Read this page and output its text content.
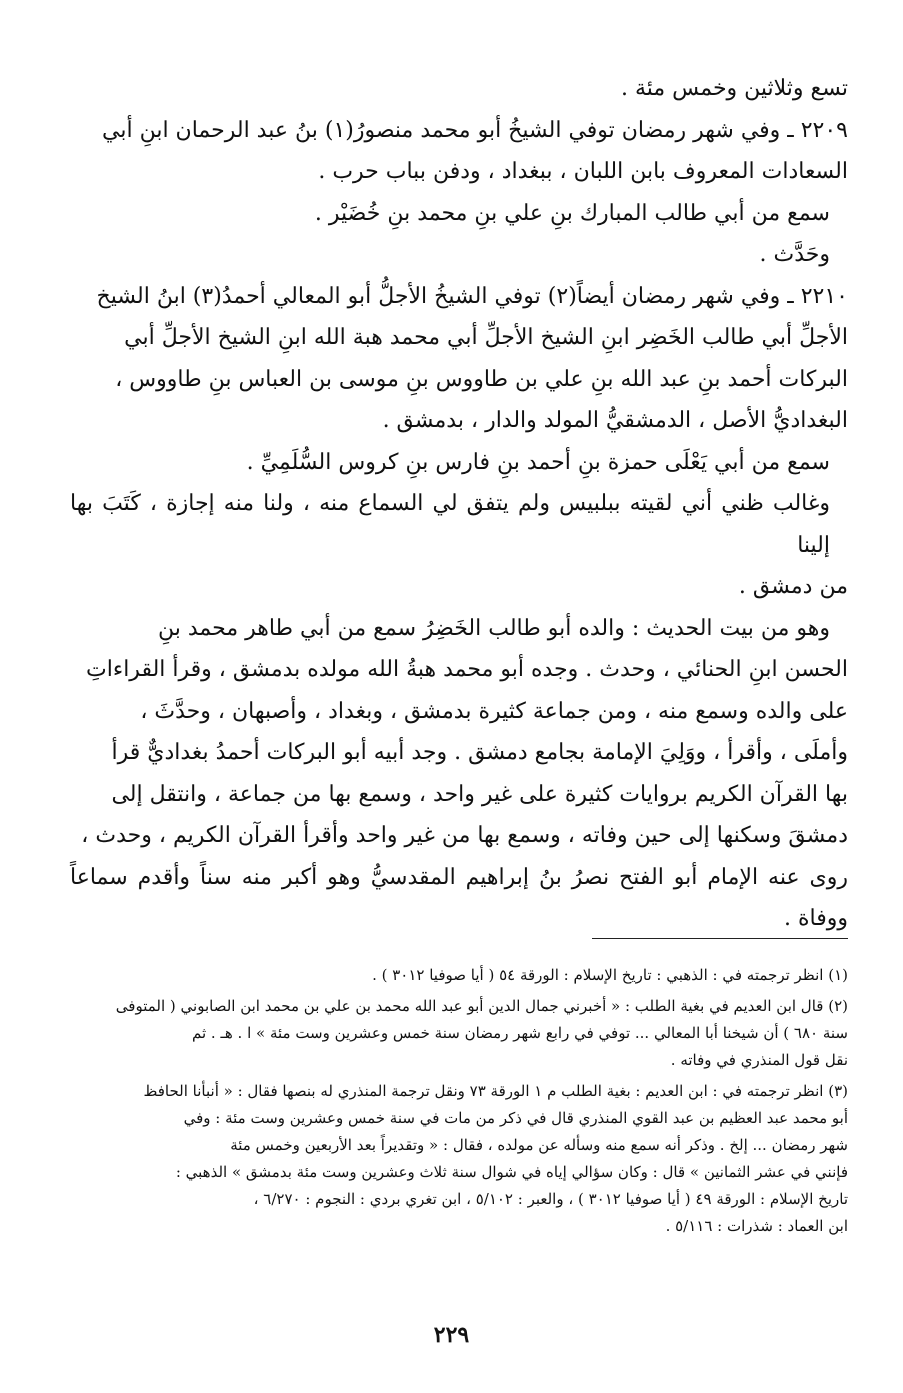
تسع وثلاثين وخمس مئة .

٢٢٠٩ ـ وفي شهر رمضان توفي الشيخُ أبو محمد منصورُ(١) بنُ عبد الرحمان ابنِ أبي

السعادات المعروف بابن اللبان ، ببغداد ، ودفن بباب حرب .

سمع من أبي طالب المبارك بنِ علي بنِ محمد بنِ خُضَيْر .

وحَدَّث .

٢٢١٠ ـ وفي شهر رمضان أيضاً(٢) توفي الشيخُ الأجلُّ أبو المعالي أحمدُ(٣) ابنُ الشيخ

الأجلِّ أبي طالب الخَضِر ابنِ الشيخ الأجلِّ أبي محمد هبة الله ابنِ الشيخ الأجلِّ أبي

البركات أحمد بنِ عبد الله بنِ علي بن طاووس بنِ موسى بن العباس بنِ طاووس ،

البغداديُّ الأصل ، الدمشقيُّ المولد والدار ، بدمشق .

سمع من أبي يَعْلَى حمزة بنِ أحمد بنِ فارس بنِ كروس السُّلَمِيِّ .

وغالب ظني أني لقيته ببلبيس ولم يتفق لي السماع منه ، ولنا منه إجازة ، كَتَبَ بها إلينا

من دمشق .

وهو من بيت الحديث : والده أبو طالب الخَضِرُ سمع من أبي طاهر محمد بنِ

الحسن ابنِ الحنائي ، وحدث . وجده أبو محمد هبةُ الله مولده بدمشق ، وقرأ القراءاتِ

على والده وسمع منه ، ومن جماعة كثيرة بدمشق ، وبغداد ، وأصبهان ، وحدَّثَ ،

وأملَى ، وأقرأ ، ووَلِيَ الإمامة بجامع دمشق . وجد أبيه أبو البركات أحمدُ بغداديٌّ قرأ

بها القرآن الكريم بروايات كثيرة على غير واحد ، وسمع بها من جماعة ، وانتقل إلى

دمشقَ وسكنها إلى حين وفاته ، وسمع بها من غير واحد وأقرأ القرآن الكريم ، وحدث ،

روى عنه الإمام أبو الفتح نصرُ بنُ إبراهيم المقدسيُّ وهو أكبر منه سناً وأقدم سماعاً ووفاة .

(١) انظر ترجمته في : الذهبي : تاريخ الإسلام : الورقة ٥٤ ( أيا صوفيا ٣٠١٢ ) .

(٢) قال ابن العديم في بغية الطلب : « أخبرني جمال الدين أبو عبد الله محمد بن علي بن محمد ابن الصابوني ( المتوفى

سنة ٦٨٠ ) أن شيخنا أبا المعالي ... توفي في رابع شهر رمضان سنة خمس وعشرين وست مئة » ا . هـ . ثم

نقل قول المنذري في وفاته .

(٣) انظر ترجمته في : ابن العديم : بغية الطلب م ١ الورقة ٧٣ ونقل ترجمة المنذري له بنصها فقال : « أنبأنا الحافظ

أبو محمد عبد العظيم بن عبد القوي المنذري قال في ذكر من مات في سنة خمس وعشرين وست مئة : وفي

شهر رمضان ... إلخ . وذكر أنه سمع منه وسأله عن مولده ، فقال : « وتقديراً بعد الأربعين وخمس مئة

فإنني في عشر الثمانين » قال : وكان سؤالي إياه في شوال سنة ثلاث وعشرين وست مئة بدمشق » الذهبي :

تاريخ الإسلام : الورقة ٤٩ ( أيا صوفيا ٣٠١٢ ) ، والعبر : ٥/١٠٢ ، ابن تغري بردي : النجوم : ٦/٢٧٠ ،

ابن العماد : شذرات : ٥/١١٦ .

٢٢٩
